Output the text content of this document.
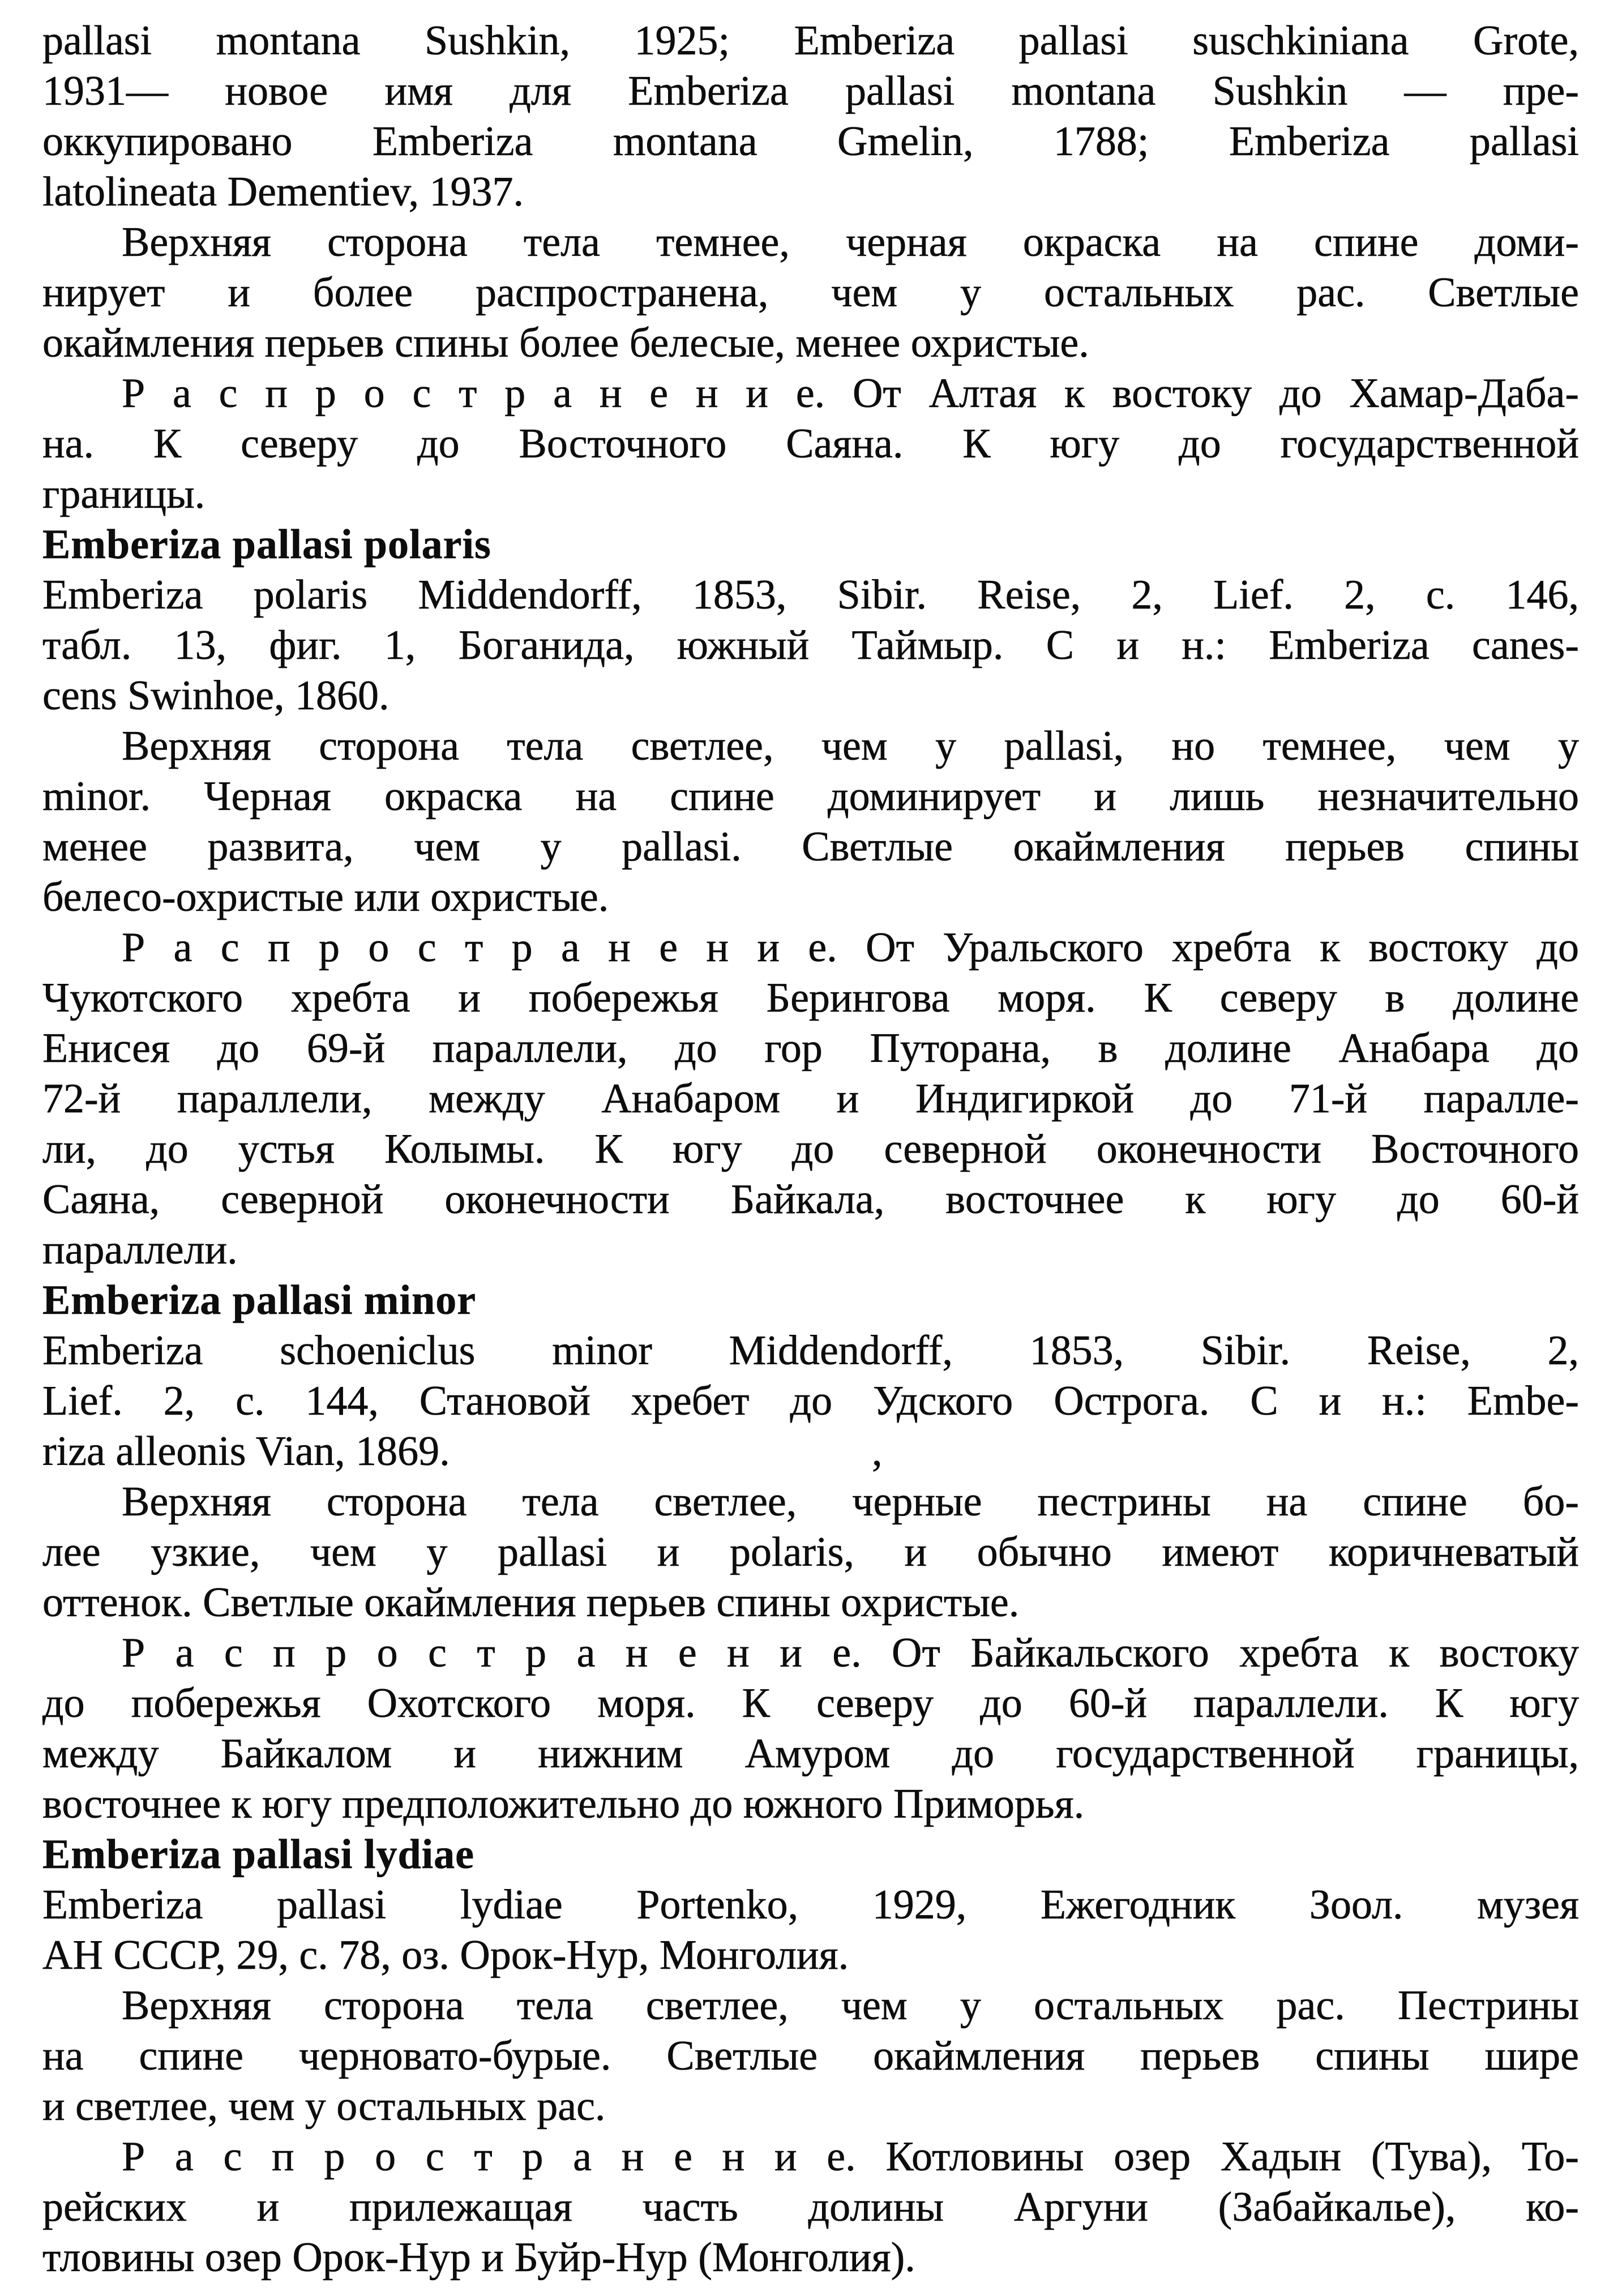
pallasi montana Sushkin, 1925; Emberiza pallasi suschkiniana Grote,
1931— новое имя для Emberiza pallasi montana Sushkin — пре-
оккупировано Emberiza montana Gmelin, 1788; Emberiza pallasi
latolineata Dementiev, 1937.
Верхняя сторона тела темнее, черная окраска на спине доми-
нирует и более распространена, чем у остальных рас. Светлые
окаймления перьев спины более белесые, менее охристые.
Р а с п р о с т р а н е н и е. От Алтая к востоку до Хамар-Даба-
на. К северу до Восточного Саяна. К югу до государственной
границы.
Emberiza pallasi polaris
Emberiza polaris Middendorff, 1853, Sibir. Reise, 2, Lief. 2, с. 146,
табл. 13, фиг. 1, Боганида, южный Таймыр. С и н.: Emberiza canes-
cens Swinhoe, 1860.
Верхняя сторона тела светлее, чем у pallasi, но темнее, чем у
minor. Черная окраска на спине доминирует и лишь незначительно
менее развита, чем у pallasi. Светлые окаймления перьев спины
белесо-охристые или охристые.
Р а с п р о с т р а н е н и е. От Уральского хребта к востоку до
Чукотского хребта и побережья Берингова моря. К северу в долине
Енисея до 69-й параллели, до гор Путорана, в долине Анабара до
72-й параллели, между Анабаром и Индигиркой до 71-й паралле-
ли, до устья Колымы. К югу до северной оконечности Восточного
Саяна, северной оконечности Байкала, восточнее к югу до 60-й
параллели.
Emberiza pallasi minor
Emberiza schoeniclus minor Middendorff, 1853, Sibir. Reise, 2,
Lief. 2, с. 144, Становой хребет до Удского Острога. С и н.: Embe-
riza alleonis Vian, 1869.
Верхняя сторона тела светлее, черные пестрины на спине бо-
лее узкие, чем у pallasi и polaris, и обычно имеют коричневатый
оттенок. Светлые окаймления перьев спины охристые.
Р а с п р о с т р а н е н и е. От Байкальского хребта к востоку
до побережья Охотского моря. К северу до 60-й параллели. К югу
между Байкалом и нижним Амуром до государственной границы,
восточнее к югу предположительно до южного Приморья.
Emberiza pallasi lydiae
Emberiza pallasi lydiae Portenko, 1929, Ежегодник Зоол. музея
АН СССР, 29, с. 78, оз. Орок-Нур, Монголия.
Верхняя сторона тела светлее, чем у остальных рас. Пестрины
на спине черновато-бурые. Светлые окаймления перьев спины шире
и светлее, чем у остальных рас.
Р а с п р о с т р а н е н и е. Котловины озер Хадын (Тува), То-
рейских и прилежащая часть долины Аргуни (Забайкалье), ко-
тловины озер Орок-Нур и Буйр-Нур (Монголия).
,
